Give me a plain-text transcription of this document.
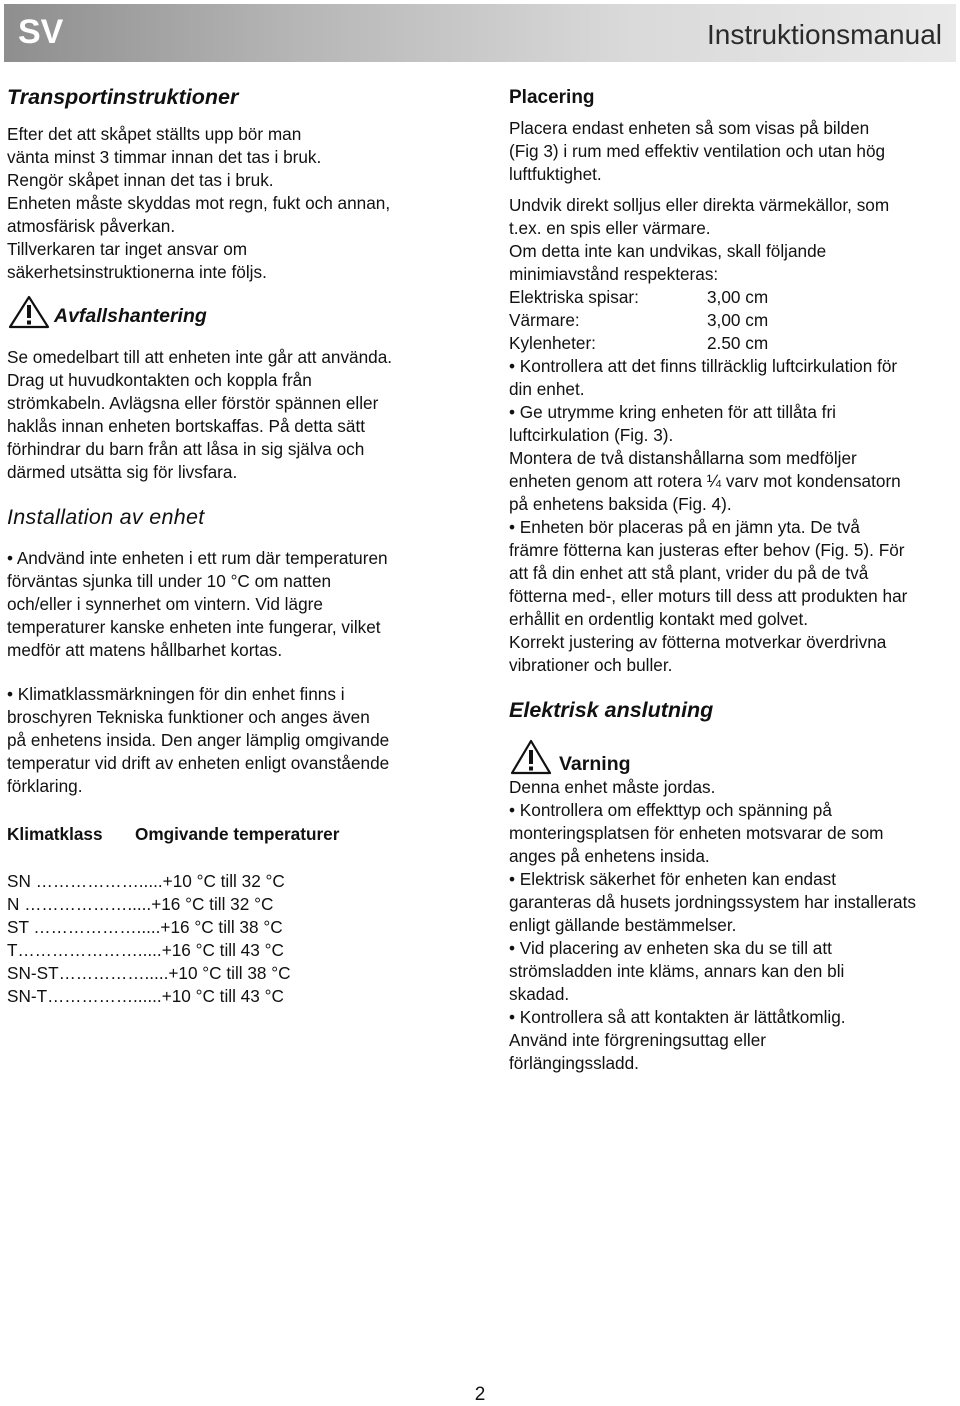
SV	Instruktionsmanual
Transportinstruktioner

Efter det att skåpet ställts upp bör man

vänta minst 3 timmar innan det tas i bruk.

Rengör skåpet innan det tas i bruk.

Enheten måste skyddas mot regn, fukt och annan,

atmosfärisk påverkan.

Tillverkaren tar inget ansvar om

säkerhetsinstruktionerna inte följs.

Avfallshantering

Se omedelbart till att enheten inte går att använda.

Drag ut huvudkontakten och koppla från

strömkabeln. Avlägsna eller förstör spännen eller

haklås innan enheten bortskaffas. På detta sätt

förhindrar du barn från att låsa in sig själva och

därmed utsätta sig för livsfara.

Installation av enhet

• Andvänd inte enheten i ett rum där temperaturen

förväntas sjunka till under 10 °C om natten

och/eller i synnerhet om vintern. Vid lägre

temperaturer kanske enheten inte fungerar, vilket

medför att matens hållbarhet kortas.

• Klimatklassmärkningen för din enhet finns i

broschyren Tekniska funktioner och anges även

på enhetens insida. Den anger lämplig omgivande

temperatur vid drift av enheten enligt ovanstående

förklaring.

Klimatklass	Omgivande temperaturer

SN ……………….....+10 °C till 32 °C

N ……………….....+16 °C till 32 °C

ST ……………….....+16 °C till 38 °C

T………………….....+16 °C till 43 °C

SN-ST…………….....+10 °C till 38 °C

SN-T……………......+10 °C till 43 °C

Placering

Placera endast enheten så som visas på bilden

(Fig 3) i rum med effektiv ventilation och utan hög

luftfuktighet.

Undvik direkt solljus eller direkta värmekällor, som

t.ex. en spis eller värmare.

Om detta inte kan undvikas, skall följande

minimiavstånd respekteras:

Elektriska spisar:	3,00 cm
Värmare:	3,00 cm
Kylenheter:	2.50 cm

• Kontrollera att det finns tillräcklig luftcirkulation för

din enhet.

• Ge utrymme kring enheten för att tillåta fri

luftcirkulation (Fig. 3).

Montera de två distanshållarna som medföljer

enheten genom att rotera ¼ varv mot kondensatorn

på enhetens baksida (Fig. 4).

• Enheten bör placeras på en jämn yta. De två

främre fötterna kan justeras efter behov (Fig. 5). För

att få din enhet att stå plant, vrider du på de två

fötterna med-, eller moturs till dess att produkten har

erhållit en ordentlig kontakt med golvet.

Korrekt justering av fötterna motverkar överdrivna

vibrationer och buller.

Elektrisk anslutning
Varning

Denna enhet måste jordas.

• Kontrollera om effekttyp och spänning på

monteringsplatsen för enheten motsvarar de som

anges på enhetens insida.

• Elektrisk säkerhet för enheten kan endast

garanteras då husets jordningssystem har installerats

enligt gällande bestämmelser.

• Vid placering av enheten ska du se till att

strömsladden inte kläms, annars kan den bli

skadad.

• Kontrollera så att kontakten är lättåtkomlig.

Använd inte förgreningsuttag eller

förlängingssladd.

2
